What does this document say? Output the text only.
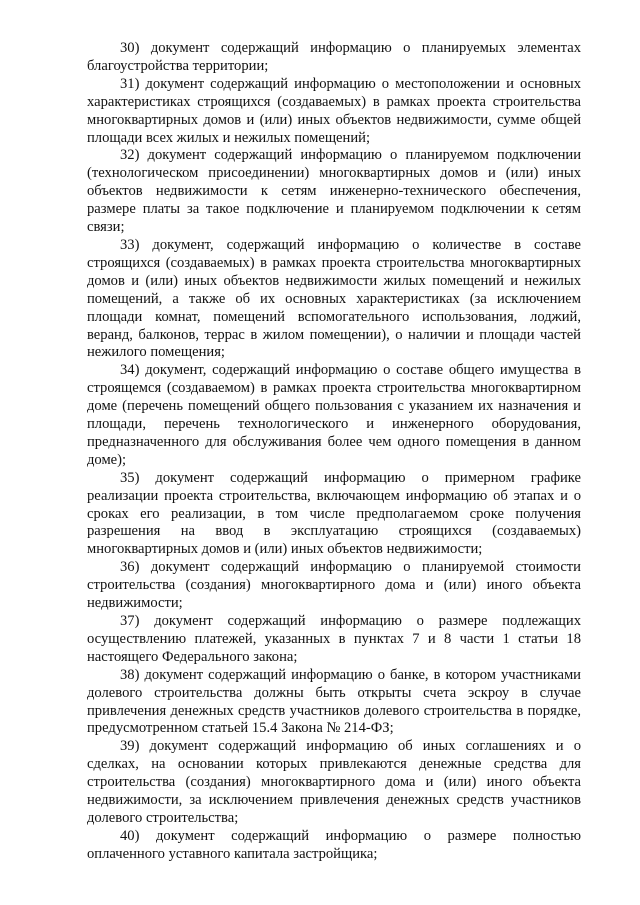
30) документ содержащий информацию о планируемых элементах благоустройства территории;

31) документ содержащий информацию о местоположении и основных характеристиках строящихся (создаваемых) в рамках проекта строительства многоквартирных домов и (или) иных объектов недвижимости, сумме общей площади всех жилых и нежилых помещений;

32) документ содержащий информацию о планируемом подключении (технологическом присоединении) многоквартирных домов и (или) иных объектов недвижимости к сетям инженерно-технического обеспечения, размере платы за такое подключение и планируемом подключении к сетям связи;

33) документ, содержащий информацию о количестве в составе строящихся (создаваемых) в рамках проекта строительства многоквартирных домов и (или) иных объектов недвижимости жилых помещений и нежилых помещений, а также об их основных характеристиках (за исключением площади комнат, помещений вспомогательного использования, лоджий, веранд, балконов, террас в жилом помещении), о наличии и площади частей нежилого помещения;

34) документ, содержащий информацию о составе общего имущества в строящемся (создаваемом) в рамках проекта строительства многоквартирном доме (перечень помещений общего пользования с указанием их назначения и площади, перечень технологического и инженерного оборудования, предназначенного для обслуживания более чем одного помещения в данном доме);

35) документ содержащий информацию о примерном графике реализации проекта строительства, включающем информацию об этапах и о сроках его реализации, в том числе предполагаемом сроке получения разрешения на ввод в эксплуатацию строящихся (создаваемых) многоквартирных домов и (или) иных объектов недвижимости;

36) документ содержащий информацию о планируемой стоимости строительства (создания) многоквартирного дома и (или) иного объекта недвижимости;

37) документ содержащий информацию о размере подлежащих осуществлению платежей, указанных в пунктах 7 и 8 части 1 статьи 18 настоящего Федерального закона;

38) документ содержащий информацию о банке, в котором участниками долевого строительства должны быть открыты счета эскроу в случае привлечения денежных средств участников долевого строительства в порядке, предусмотренном статьей 15.4 Закона № 214-ФЗ;

39) документ содержащий информацию об иных соглашениях и о сделках, на основании которых привлекаются денежные средства для строительства (создания) многоквартирного дома и (или) иного объекта недвижимости, за исключением привлечения денежных средств участников долевого строительства;

40) документ содержащий информацию о размере полностью оплаченного уставного капитала застройщика;
